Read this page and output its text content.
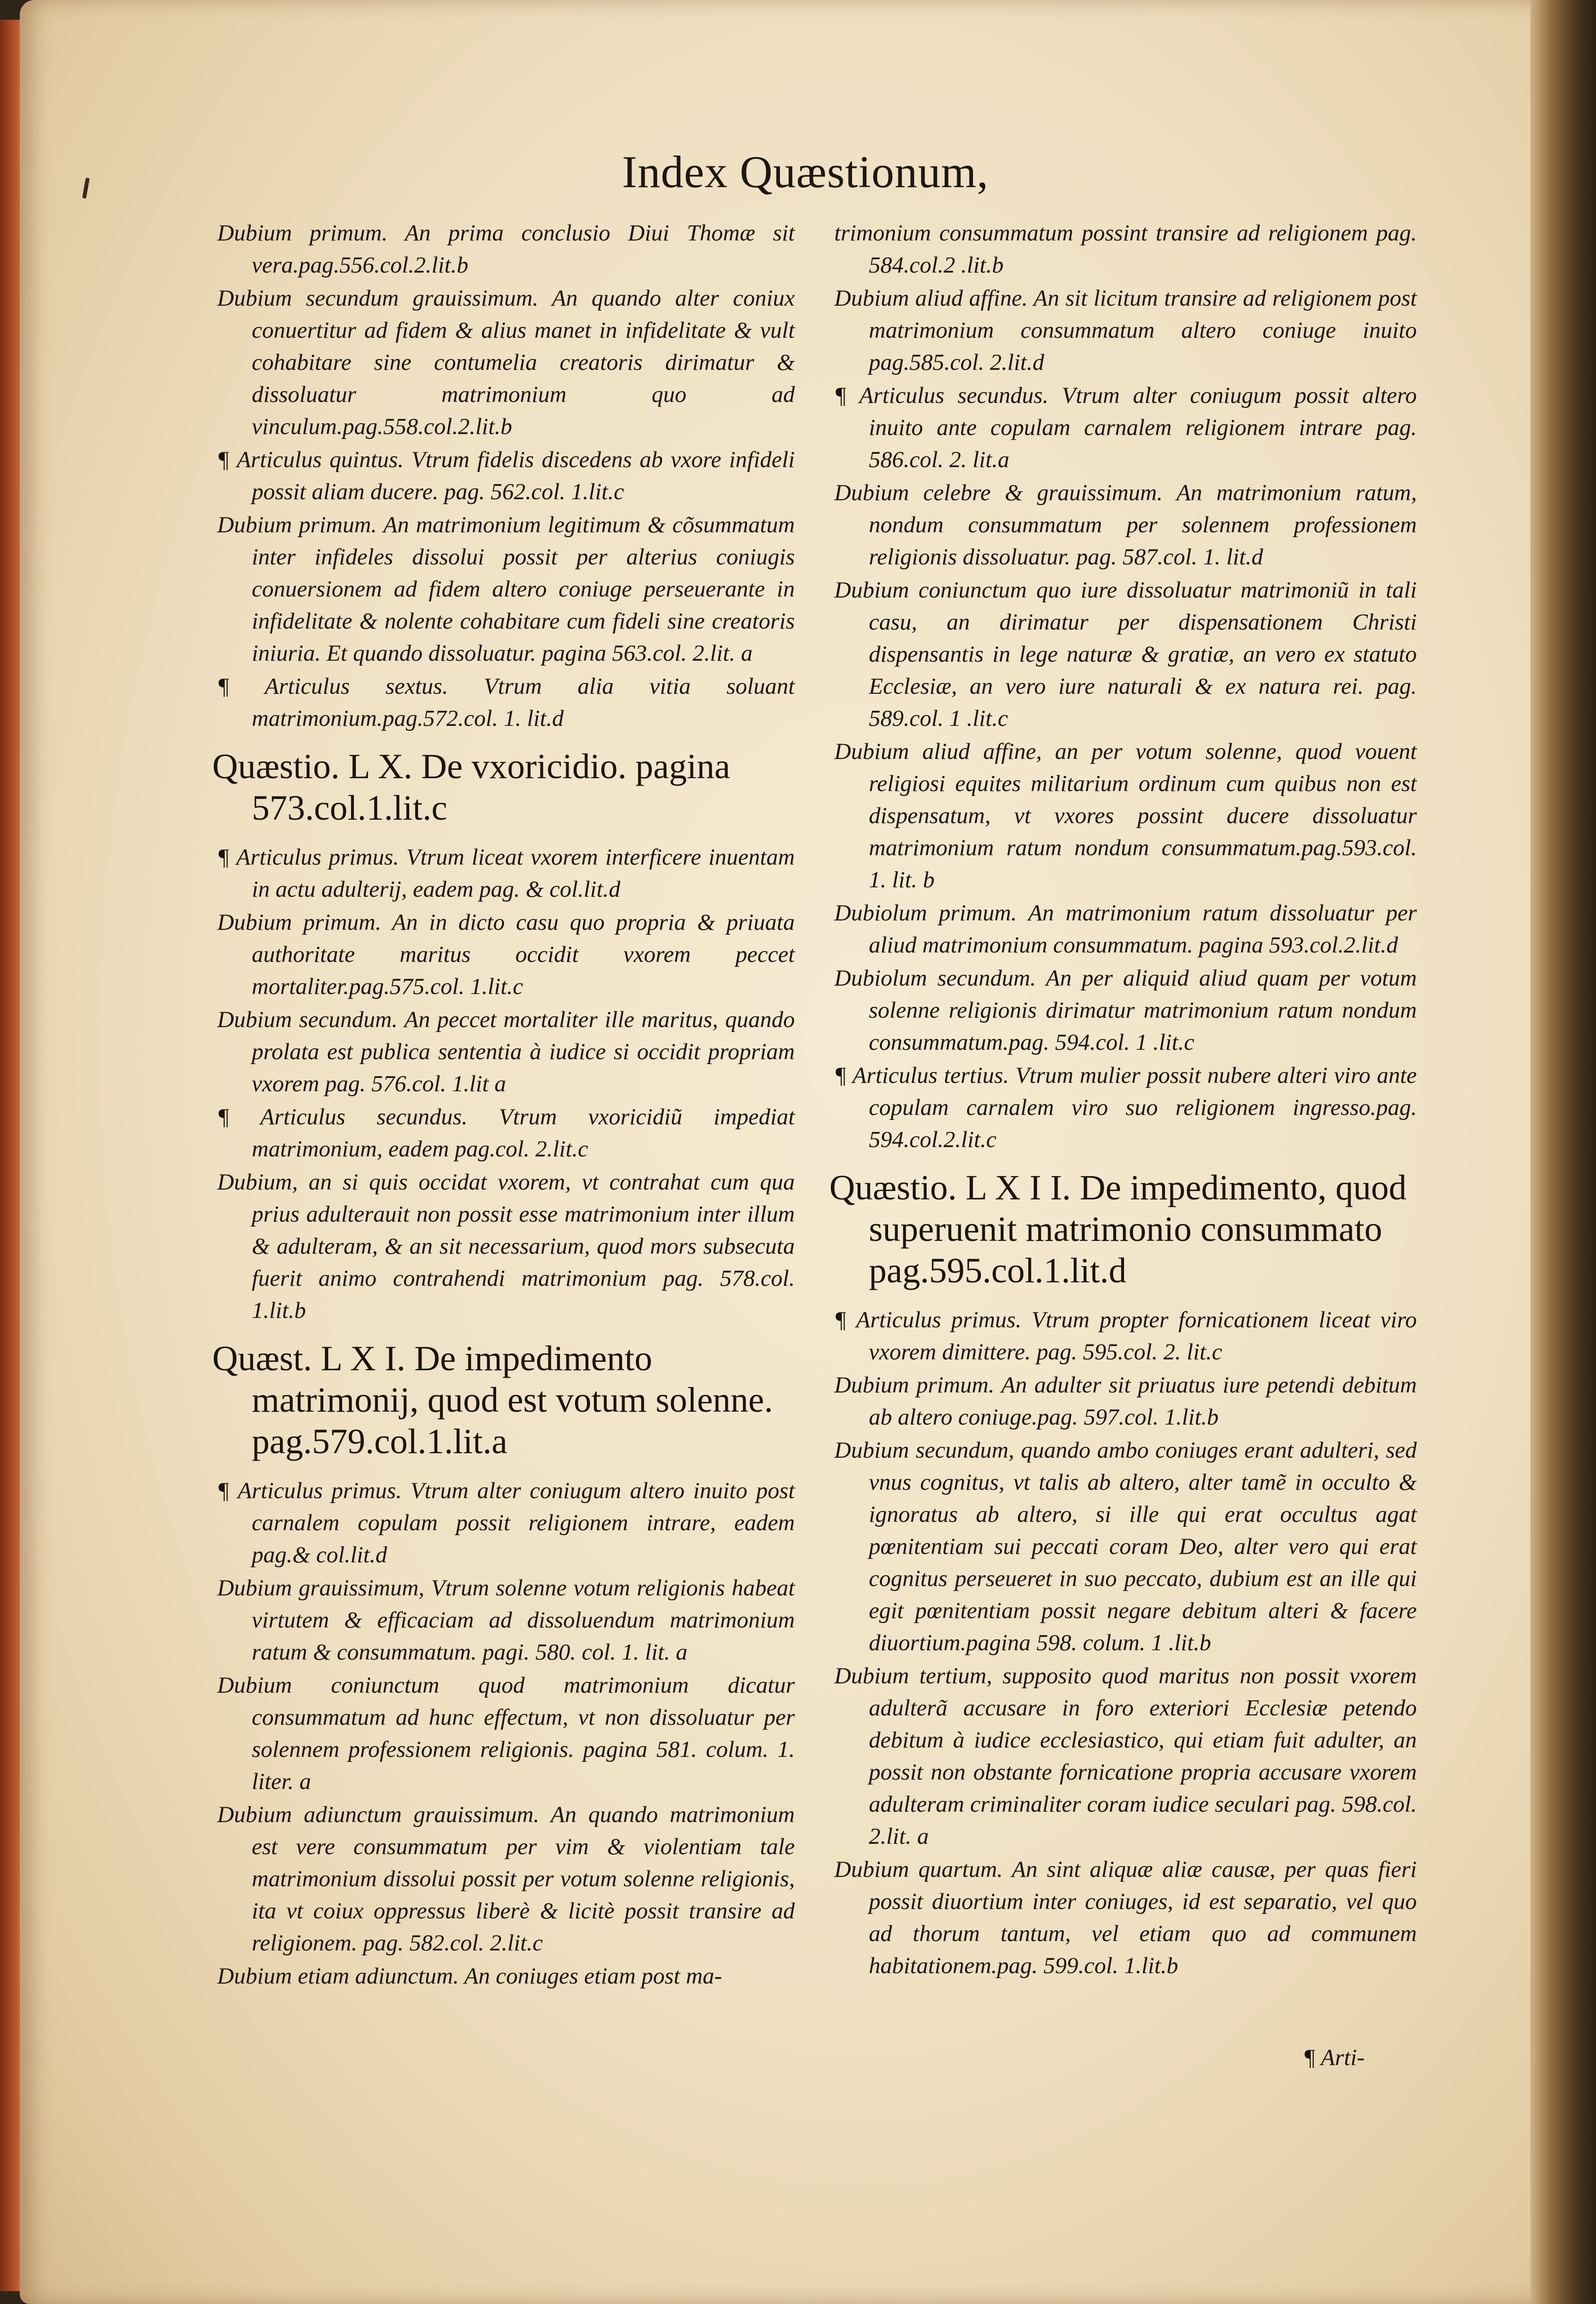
Index Quæstionum,

Dubium primum. An prima conclusio Diui Thomæ sit vera.pag.556.col.2.lit.b

Dubium secundum grauissimum. An quando alter coniux conuertitur ad fidem & alius manet in infidelitate & vult cohabitare sine contumelia creatoris dirimatur & dissoluatur matrimonium quo ad vinculum.pag.558.col.2.lit.b

¶ Articulus quintus. Vtrum fidelis discedens ab vxore infideli possit aliam ducere. pag. 562.col. 1.lit.c

Dubium primum. An matrimonium legitimum & cõsummatum inter infideles dissolui possit per alterius coniugis conuersionem ad fidem altero coniuge perseuerante in infidelitate & nolente cohabitare cum fideli sine creatoris iniuria. Et quando dissoluatur. pagina 563.col. 2.lit. a

¶ Articulus sextus. Vtrum alia vitia soluant matrimonium.pag.572.col. 1. lit.d

Quæstio. L X. De vxoricidio. pagina 573.col.1.lit.c

¶ Articulus primus. Vtrum liceat vxorem interficere inuentam in actu adulterij, eadem pag. & col.lit.d

Dubium primum. An in dicto casu quo propria & priuata authoritate maritus occidit vxorem peccet mortaliter.pag.575.col. 1.lit.c

Dubium secundum. An peccet mortaliter ille maritus, quando prolata est publica sententia à iudice si occidit propriam vxorem pag. 576.col. 1.lit a

¶ Articulus secundus. Vtrum vxoricidiũ impediat matrimonium, eadem pag.col. 2.lit.c

Dubium, an si quis occidat vxorem, vt contrahat cum qua prius adulterauit non possit esse matrimonium inter illum & adulteram, & an sit necessarium, quod mors subsecuta fuerit animo contrahendi matrimonium pag. 578.col. 1.lit.b

Quæst. L X I. De impedimento matrimonij, quod est votum solenne. pag.579.col.1.lit.a

¶ Articulus primus. Vtrum alter coniugum altero inuito post carnalem copulam possit religionem intrare, eadem pag.& col.lit.d

Dubium grauissimum, Vtrum solenne votum religionis habeat virtutem & efficaciam ad dissoluendum matrimonium ratum & consummatum. pagi. 580. col. 1. lit. a

Dubium coniunctum quod matrimonium dicatur consummatum ad hunc effectum, vt non dissoluatur per solennem professionem religionis. pagina 581. colum. 1. liter. a

Dubium adiunctum grauissimum. An quando matrimonium est vere consummatum per vim & violentiam tale matrimonium dissolui possit per votum solenne religionis, ita vt coiux oppressus liberè & licitè possit transire ad religionem. pag. 582.col. 2.lit.c

Dubium etiam adiunctum. An coniuges etiam post ma-

trimonium consummatum possint transire ad religionem pag. 584.col.2 .lit.b

Dubium aliud affine. An sit licitum transire ad religionem post matrimonium consummatum altero coniuge inuito pag.585.col. 2.lit.d

¶ Articulus secundus. Vtrum alter coniugum possit altero inuito ante copulam carnalem religionem intrare pag. 586.col. 2. lit.a

Dubium celebre & grauissimum. An matrimonium ratum, nondum consummatum per solennem professionem religionis dissoluatur. pag. 587.col. 1. lit.d

Dubium coniunctum quo iure dissoluatur matrimoniũ in tali casu, an dirimatur per dispensationem Christi dispensantis in lege naturæ & gratiæ, an vero ex statuto Ecclesiæ, an vero iure naturali & ex natura rei. pag. 589.col. 1 .lit.c

Dubium aliud affine, an per votum solenne, quod vouent religiosi equites militarium ordinum cum quibus non est dispensatum, vt vxores possint ducere dissoluatur matrimonium ratum nondum consummatum.pag.593.col. 1. lit. b

Dubiolum primum. An matrimonium ratum dissoluatur per aliud matrimonium consummatum. pagina 593.col.2.lit.d

Dubiolum secundum. An per aliquid aliud quam per votum solenne religionis dirimatur matrimonium ratum nondum consummatum.pag. 594.col. 1 .lit.c

¶ Articulus tertius. Vtrum mulier possit nubere alteri viro ante copulam carnalem viro suo religionem ingresso.pag. 594.col.2.lit.c

Quæstio. L X I I. De impedimento, quod superuenit matrimonio consummato pag.595.col.1.lit.d

¶ Articulus primus. Vtrum propter fornicationem liceat viro vxorem dimittere. pag. 595.col. 2. lit.c

Dubium primum. An adulter sit priuatus iure petendi debitum ab altero coniuge.pag. 597.col. 1.lit.b

Dubium secundum, quando ambo coniuges erant adulteri, sed vnus cognitus, vt talis ab altero, alter tamẽ in occulto & ignoratus ab altero, si ille qui erat occultus agat pœnitentiam sui peccati coram Deo, alter vero qui erat cognitus perseueret in suo peccato, dubium est an ille qui egit pœnitentiam possit negare debitum alteri & facere diuortium.pagina 598. colum. 1 .lit.b

Dubium tertium, supposito quod maritus non possit vxorem adulterã accusare in foro exteriori Ecclesiæ petendo debitum à iudice ecclesiastico, qui etiam fuit adulter, an possit non obstante fornicatione propria accusare vxorem adulteram criminaliter coram iudice seculari pag. 598.col. 2.lit. a

Dubium quartum. An sint aliquæ aliæ causæ, per quas fieri possit diuortium inter coniuges, id est separatio, vel quo ad thorum tantum, vel etiam quo ad communem habitationem.pag. 599.col. 1.lit.b

¶ Arti-
